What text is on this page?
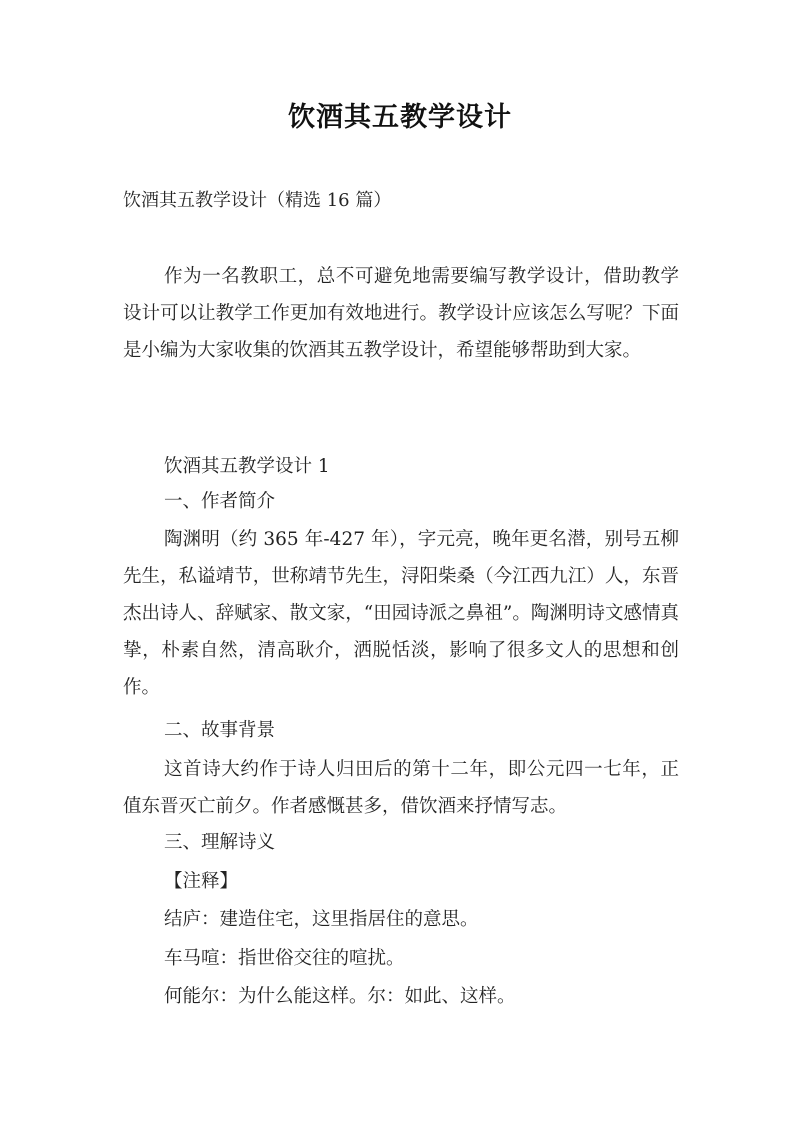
饮酒其五教学设计
饮酒其五教学设计（精选 16 篇）
作为一名教职工，总不可避免地需要编写教学设计，借助教学设计可以让教学工作更加有效地进行。教学设计应该怎么写呢？下面是小编为大家收集的饮酒其五教学设计，希望能够帮助到大家。
饮酒其五教学设计 1
一、作者简介
陶渊明（约 365 年-427 年），字元亮，晚年更名潜，别号五柳先生，私谥靖节，世称靖节先生，浔阳柴桑（今江西九江）人，东晋杰出诗人、辞赋家、散文家，“田园诗派之鼻祖”。陶渊明诗文感情真挚，朴素自然，清高耿介，洒脱恬淡，影响了很多文人的思想和创作。
二、故事背景
这首诗大约作于诗人归田后的第十二年，即公元四一七年，正值东晋灭亡前夕。作者感慨甚多，借饮酒来抒情写志。
三、理解诗义
【注释】
结庐：建造住宅，这里指居住的意思。
车马喧：指世俗交往的喧扰。
何能尔：为什么能这样。尔：如此、这样。
